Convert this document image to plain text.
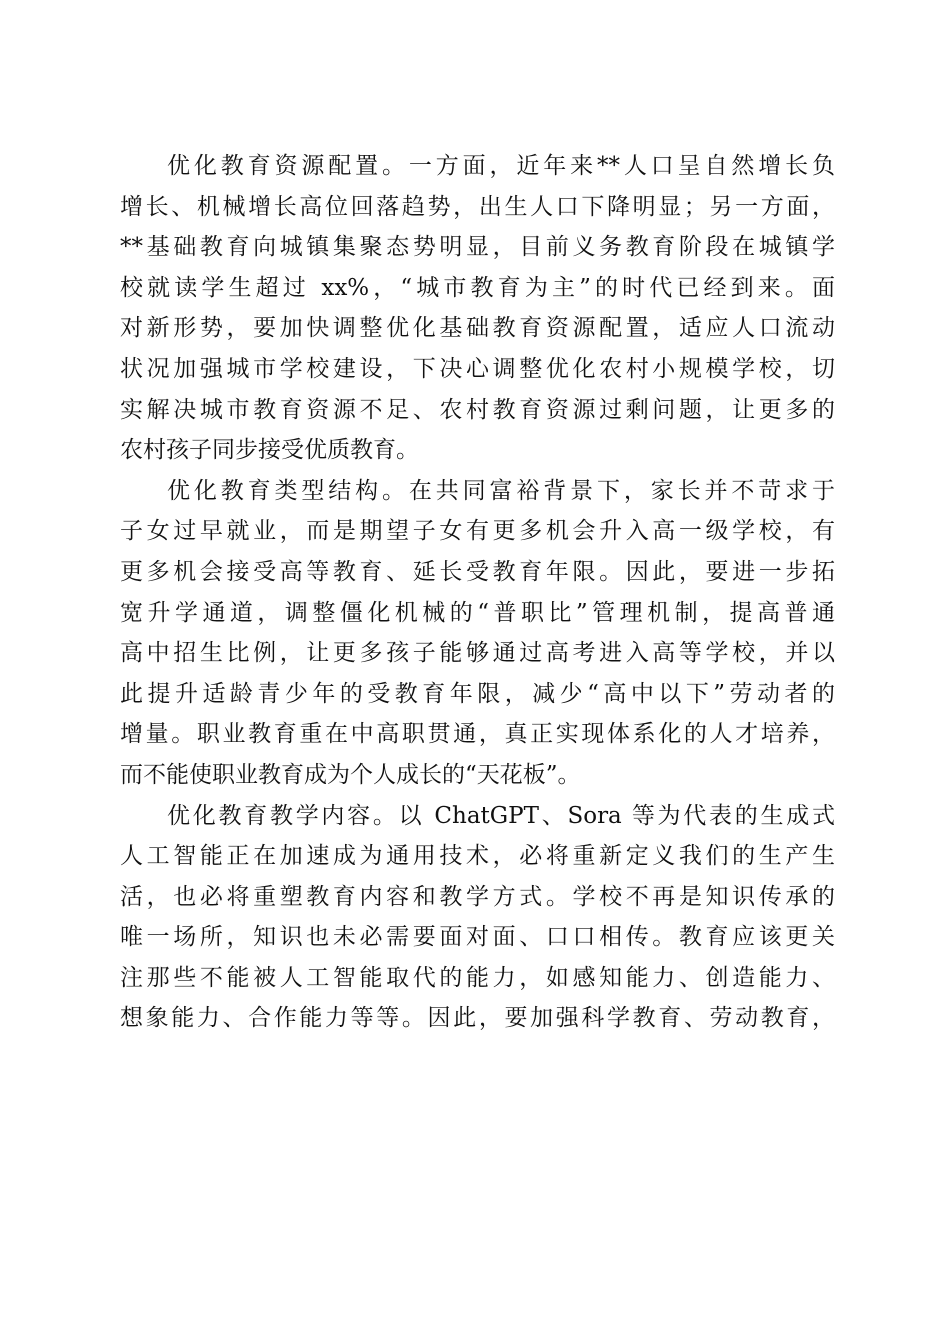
优化教育资源配置。一方面，近年来**人口呈自然增长负
增长、机械增长高位回落趋势，出生人口下降明显；另一方面，
**基础教育向城镇集聚态势明显，目前义务教育阶段在城镇学
校就读学生超过 xx%，“城市教育为主”的时代已经到来。面
对新形势，要加快调整优化基础教育资源配置，适应人口流动
状况加强城市学校建设，下决心调整优化农村小规模学校，切
实解决城市教育资源不足、农村教育资源过剩问题，让更多的
农村孩子同步接受优质教育。

优化教育类型结构。在共同富裕背景下，家长并不苛求于
子女过早就业，而是期望子女有更多机会升入高一级学校，有
更多机会接受高等教育、延长受教育年限。因此，要进一步拓
宽升学通道，调整僵化机械的“普职比”管理机制，提高普通
高中招生比例，让更多孩子能够通过高考进入高等学校，并以
此提升适龄青少年的受教育年限，减少“高中以下”劳动者的
增量。职业教育重在中高职贯通，真正实现体系化的人才培养，
而不能使职业教育成为个人成长的“天花板”。

优化教育教学内容。以 ChatGPT、Sora 等为代表的生成式
人工智能正在加速成为通用技术，必将重新定义我们的生产生
活，也必将重塑教育内容和教学方式。学校不再是知识传承的
唯一场所，知识也未必需要面对面、口口相传。教育应该更关
注那些不能被人工智能取代的能力，如感知能力、创造能力、
想象能力、合作能力等等。因此，要加强科学教育、劳动教育，
